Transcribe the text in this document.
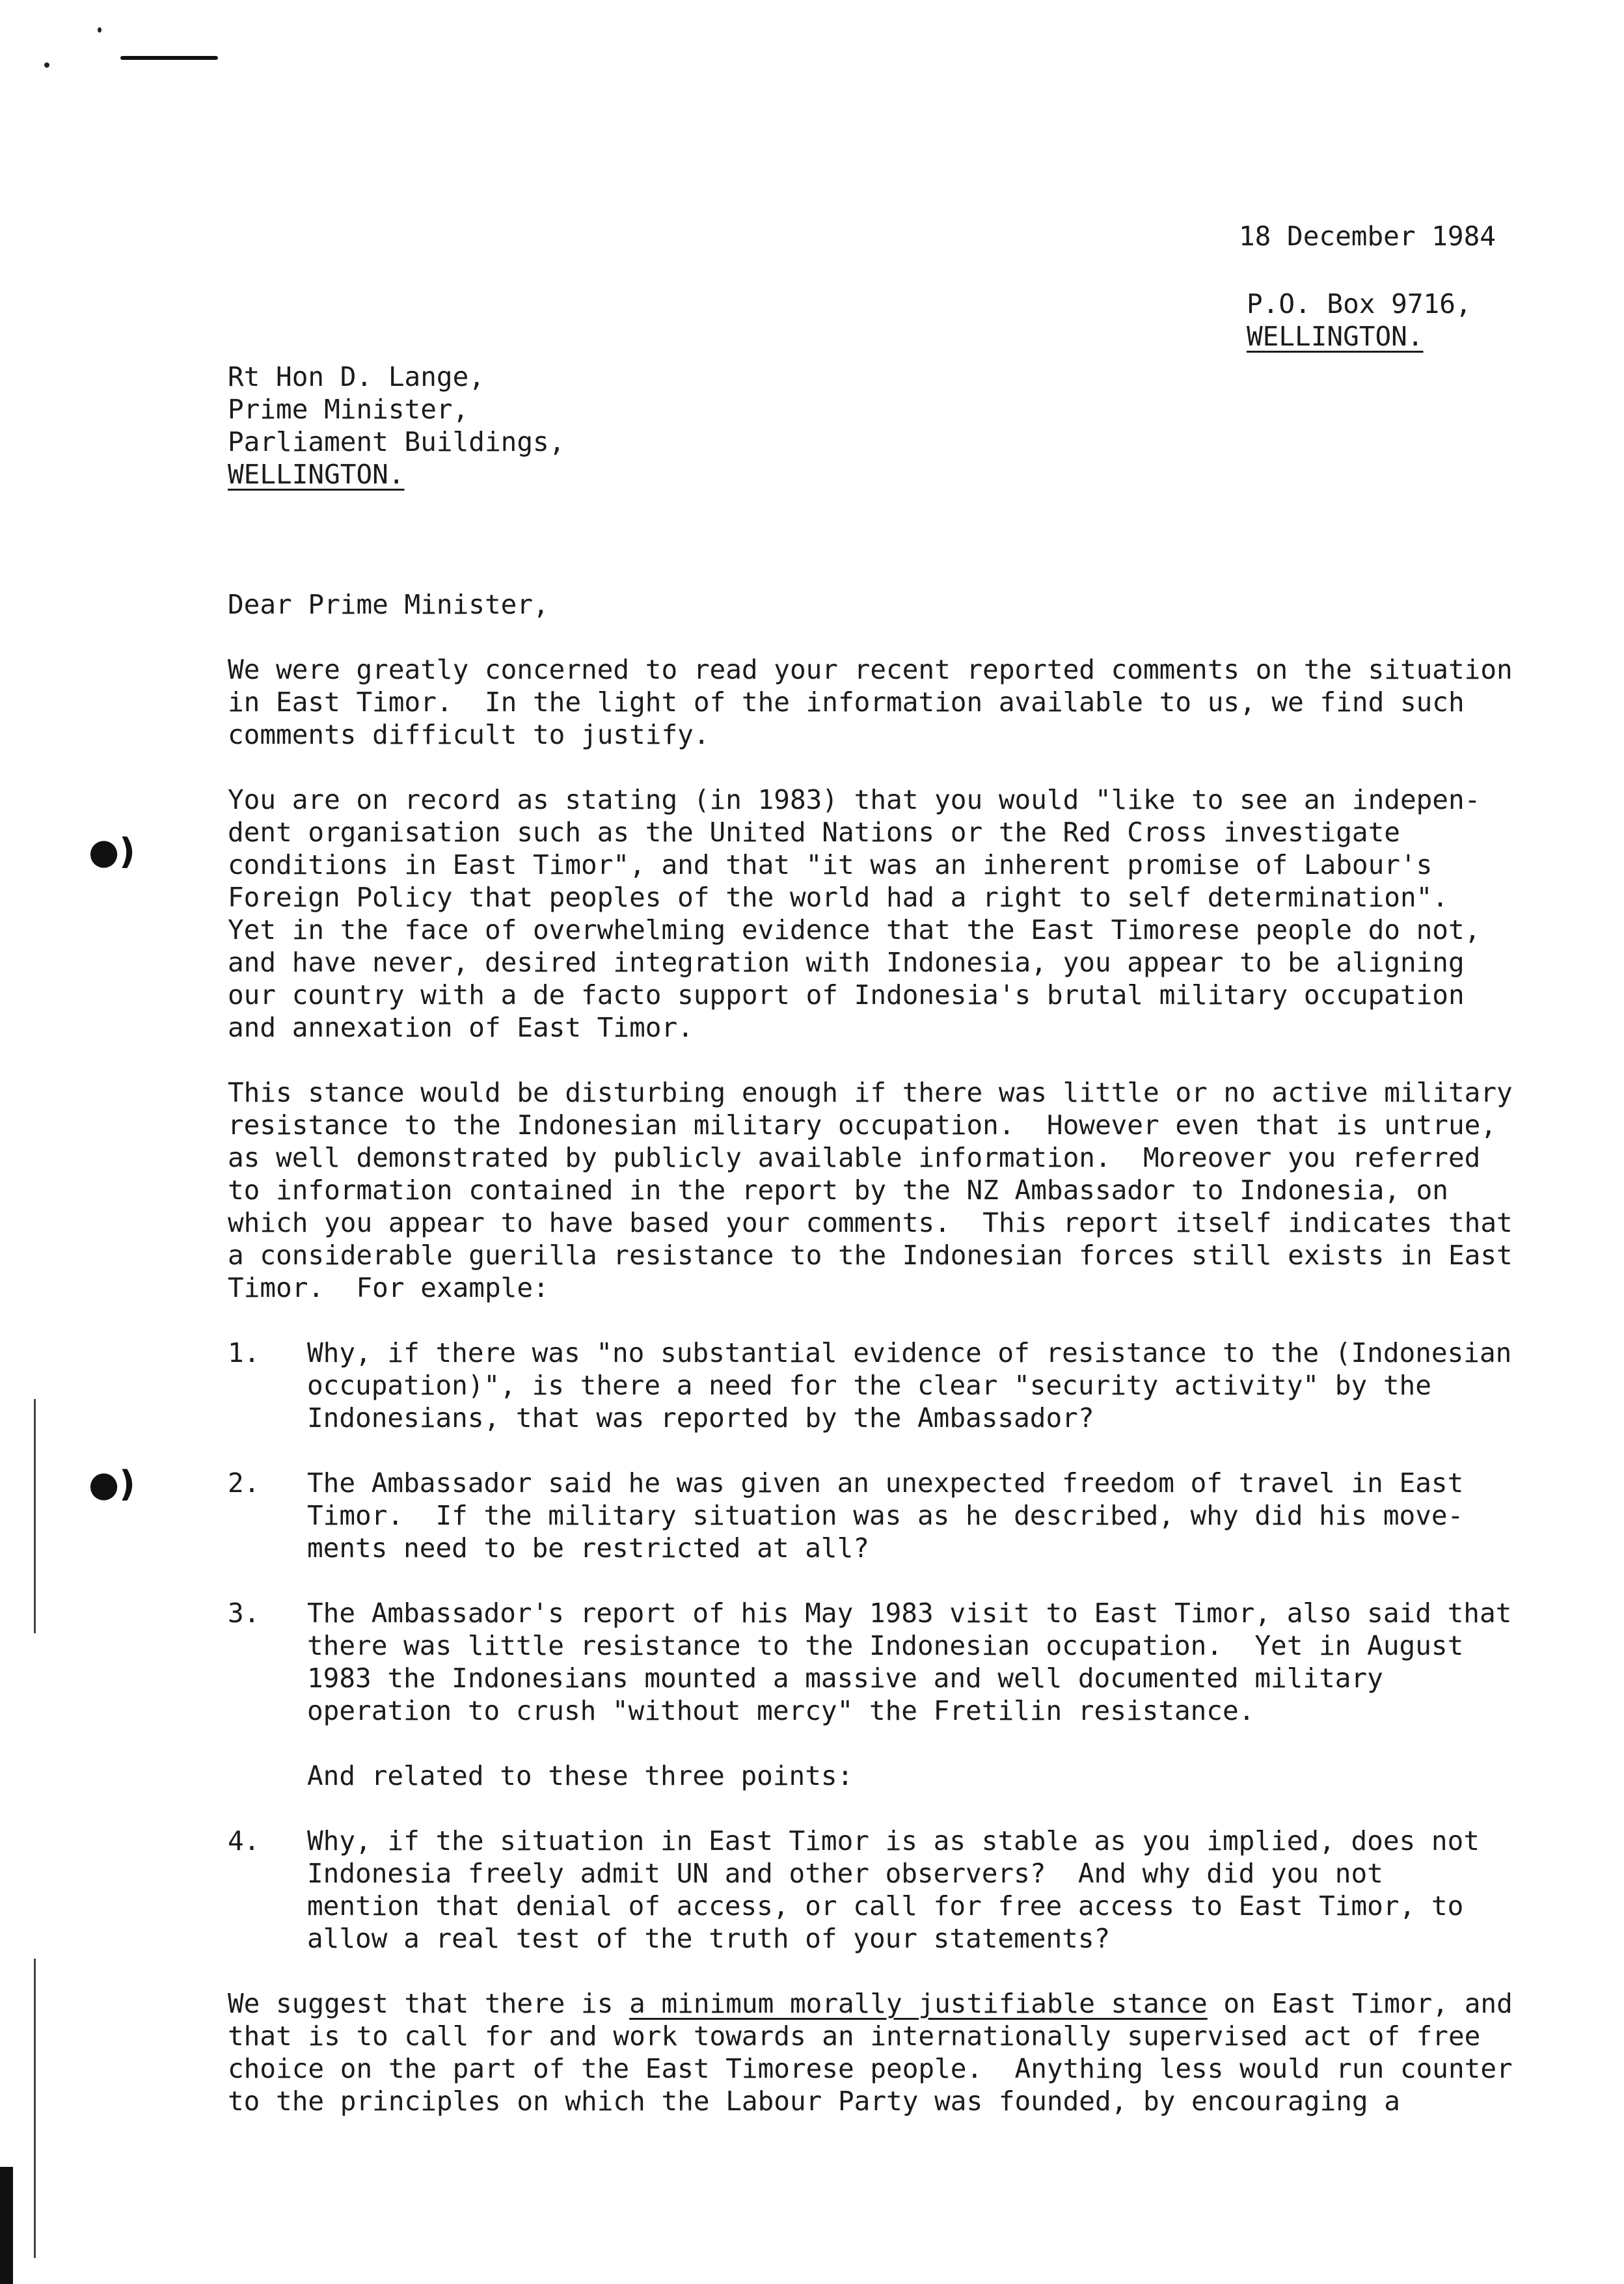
●)
●)
18 December 1984
P.O. Box 9716,
WELLINGTON.
Rt Hon D. Lange,
Prime Minister,
Parliament Buildings,
WELLINGTON.
Dear Prime Minister,
We were greatly concerned to read your recent reported comments on the situation
in East Timor.  In the light of the information available to us, we find such
comments difficult to justify.
You are on record as stating (in 1983) that you would "like to see an indepen-
dent organisation such as the United Nations or the Red Cross investigate
conditions in East Timor", and that "it was an inherent promise of Labour's
Foreign Policy that peoples of the world had a right to self determination".
Yet in the face of overwhelming evidence that the East Timorese people do not,
and have never, desired integration with Indonesia, you appear to be aligning
our country with a de facto support of Indonesia's brutal military occupation
and annexation of East Timor.
This stance would be disturbing enough if there was little or no active military
resistance to the Indonesian military occupation.  However even that is untrue,
as well demonstrated by publicly available information.  Moreover you referred
to information contained in the report by the NZ Ambassador to Indonesia, on
which you appear to have based your comments.  This report itself indicates that
a considerable guerilla resistance to the Indonesian forces still exists in East
Timor.  For example:
1. Why, if there was "no substantial evidence of resistance to the (Indonesian
occupation)", is there a need for the clear "security activity" by the
Indonesians, that was reported by the Ambassador?
2. The Ambassador said he was given an unexpected freedom of travel in East
Timor.  If the military situation was as he described, why did his move-
ments need to be restricted at all?
3. The Ambassador's report of his May 1983 visit to East Timor, also said that
there was little resistance to the Indonesian occupation.  Yet in August
1983 the Indonesians mounted a massive and well documented military
operation to crush "without mercy" the Fretilin resistance.
And related to these three points:
4. Why, if the situation in East Timor is as stable as you implied, does not
Indonesia freely admit UN and other observers?  And why did you not
mention that denial of access, or call for free access to East Timor, to
allow a real test of the truth of your statements?
We suggest that there is a minimum morally justifiable stance on East Timor, and
that is to call for and work towards an internationally supervised act of free
choice on the part of the East Timorese people.  Anything less would run counter
to the principles on which the Labour Party was founded, by encouraging a
